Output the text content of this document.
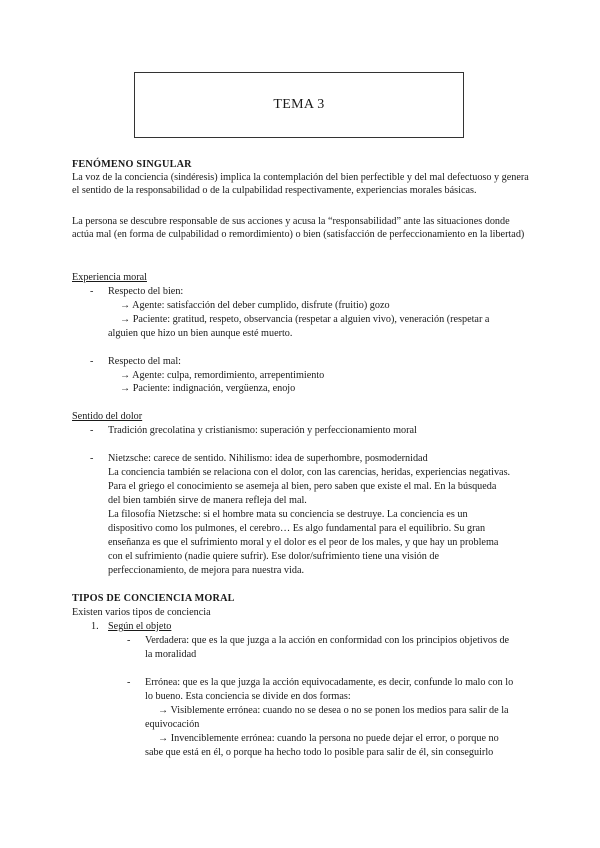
TEMA 3
FENÓMENO SINGULAR

La voz de la conciencia (sindéresis) implica la contemplación del bien perfectible y del mal defectuoso y genera el sentido de la responsabilidad o de la culpabilidad respectivamente, experiencias morales básicas.

La persona se descubre responsable de sus acciones y acusa la “responsabilidad” ante las situaciones donde actúa mal (en forma de culpabilidad o remordimiento) o bien (satisfacción de perfeccionamiento en la libertad)

Experiencia moral
- Respecto del bien:
→ Agente: satisfacción del deber cumplido, disfrute (fruitio) gozo
→ Paciente: gratitud, respeto, observancia (respetar a alguien vivo), veneración (respetar a
alguien que hizo un bien aunque esté muerto.
- Respecto del mal:
→ Agente: culpa, remordimiento, arrepentimiento
→ Paciente: indignación, vergüenza, enojo
Sentido del dolor
- Tradición grecolatina y cristianismo: superación y perfeccionamiento moral
- Nietzsche: carece de sentido. Nihilismo: idea de superhombre, posmodernidad
La conciencia también se relaciona con el dolor, con las carencias, heridas, experiencias negativas.
Para el griego el conocimiento se asemeja al bien, pero saben que existe el mal. En la búsqueda
del bien también sirve de manera refleja del mal.
La filosofía Nietzsche: si el hombre mata su conciencia se destruye. La conciencia es un
dispositivo como los pulmones, el cerebro… Es algo fundamental para el equilibrio. Su gran
enseñanza es que el sufrimiento moral y el dolor es el peor de los males, y que hay un problema
con el sufrimiento (nadie quiere sufrir). Ese dolor/sufrimiento tiene una visión de
perfeccionamiento, de mejora para nuestra vida.
TIPOS DE CONCIENCIA MORAL
Existen varios tipos de conciencia
1. Según el objeto
- Verdadera: que es la que juzga a la acción en conformidad con los principios objetivos de
la moralidad
- Errónea: que es la que juzga la acción equivocadamente, es decir, confunde lo malo con lo
lo bueno. Esta conciencia se divide en dos formas:
→ Visiblemente errónea: cuando no se desea o no se ponen los medios para salir de la
equivocación
→ Invenciblemente errónea: cuando la persona no puede dejar el error, o porque no
sabe que está en él, o porque ha hecho todo lo posible para salir de él, sin conseguirlo
